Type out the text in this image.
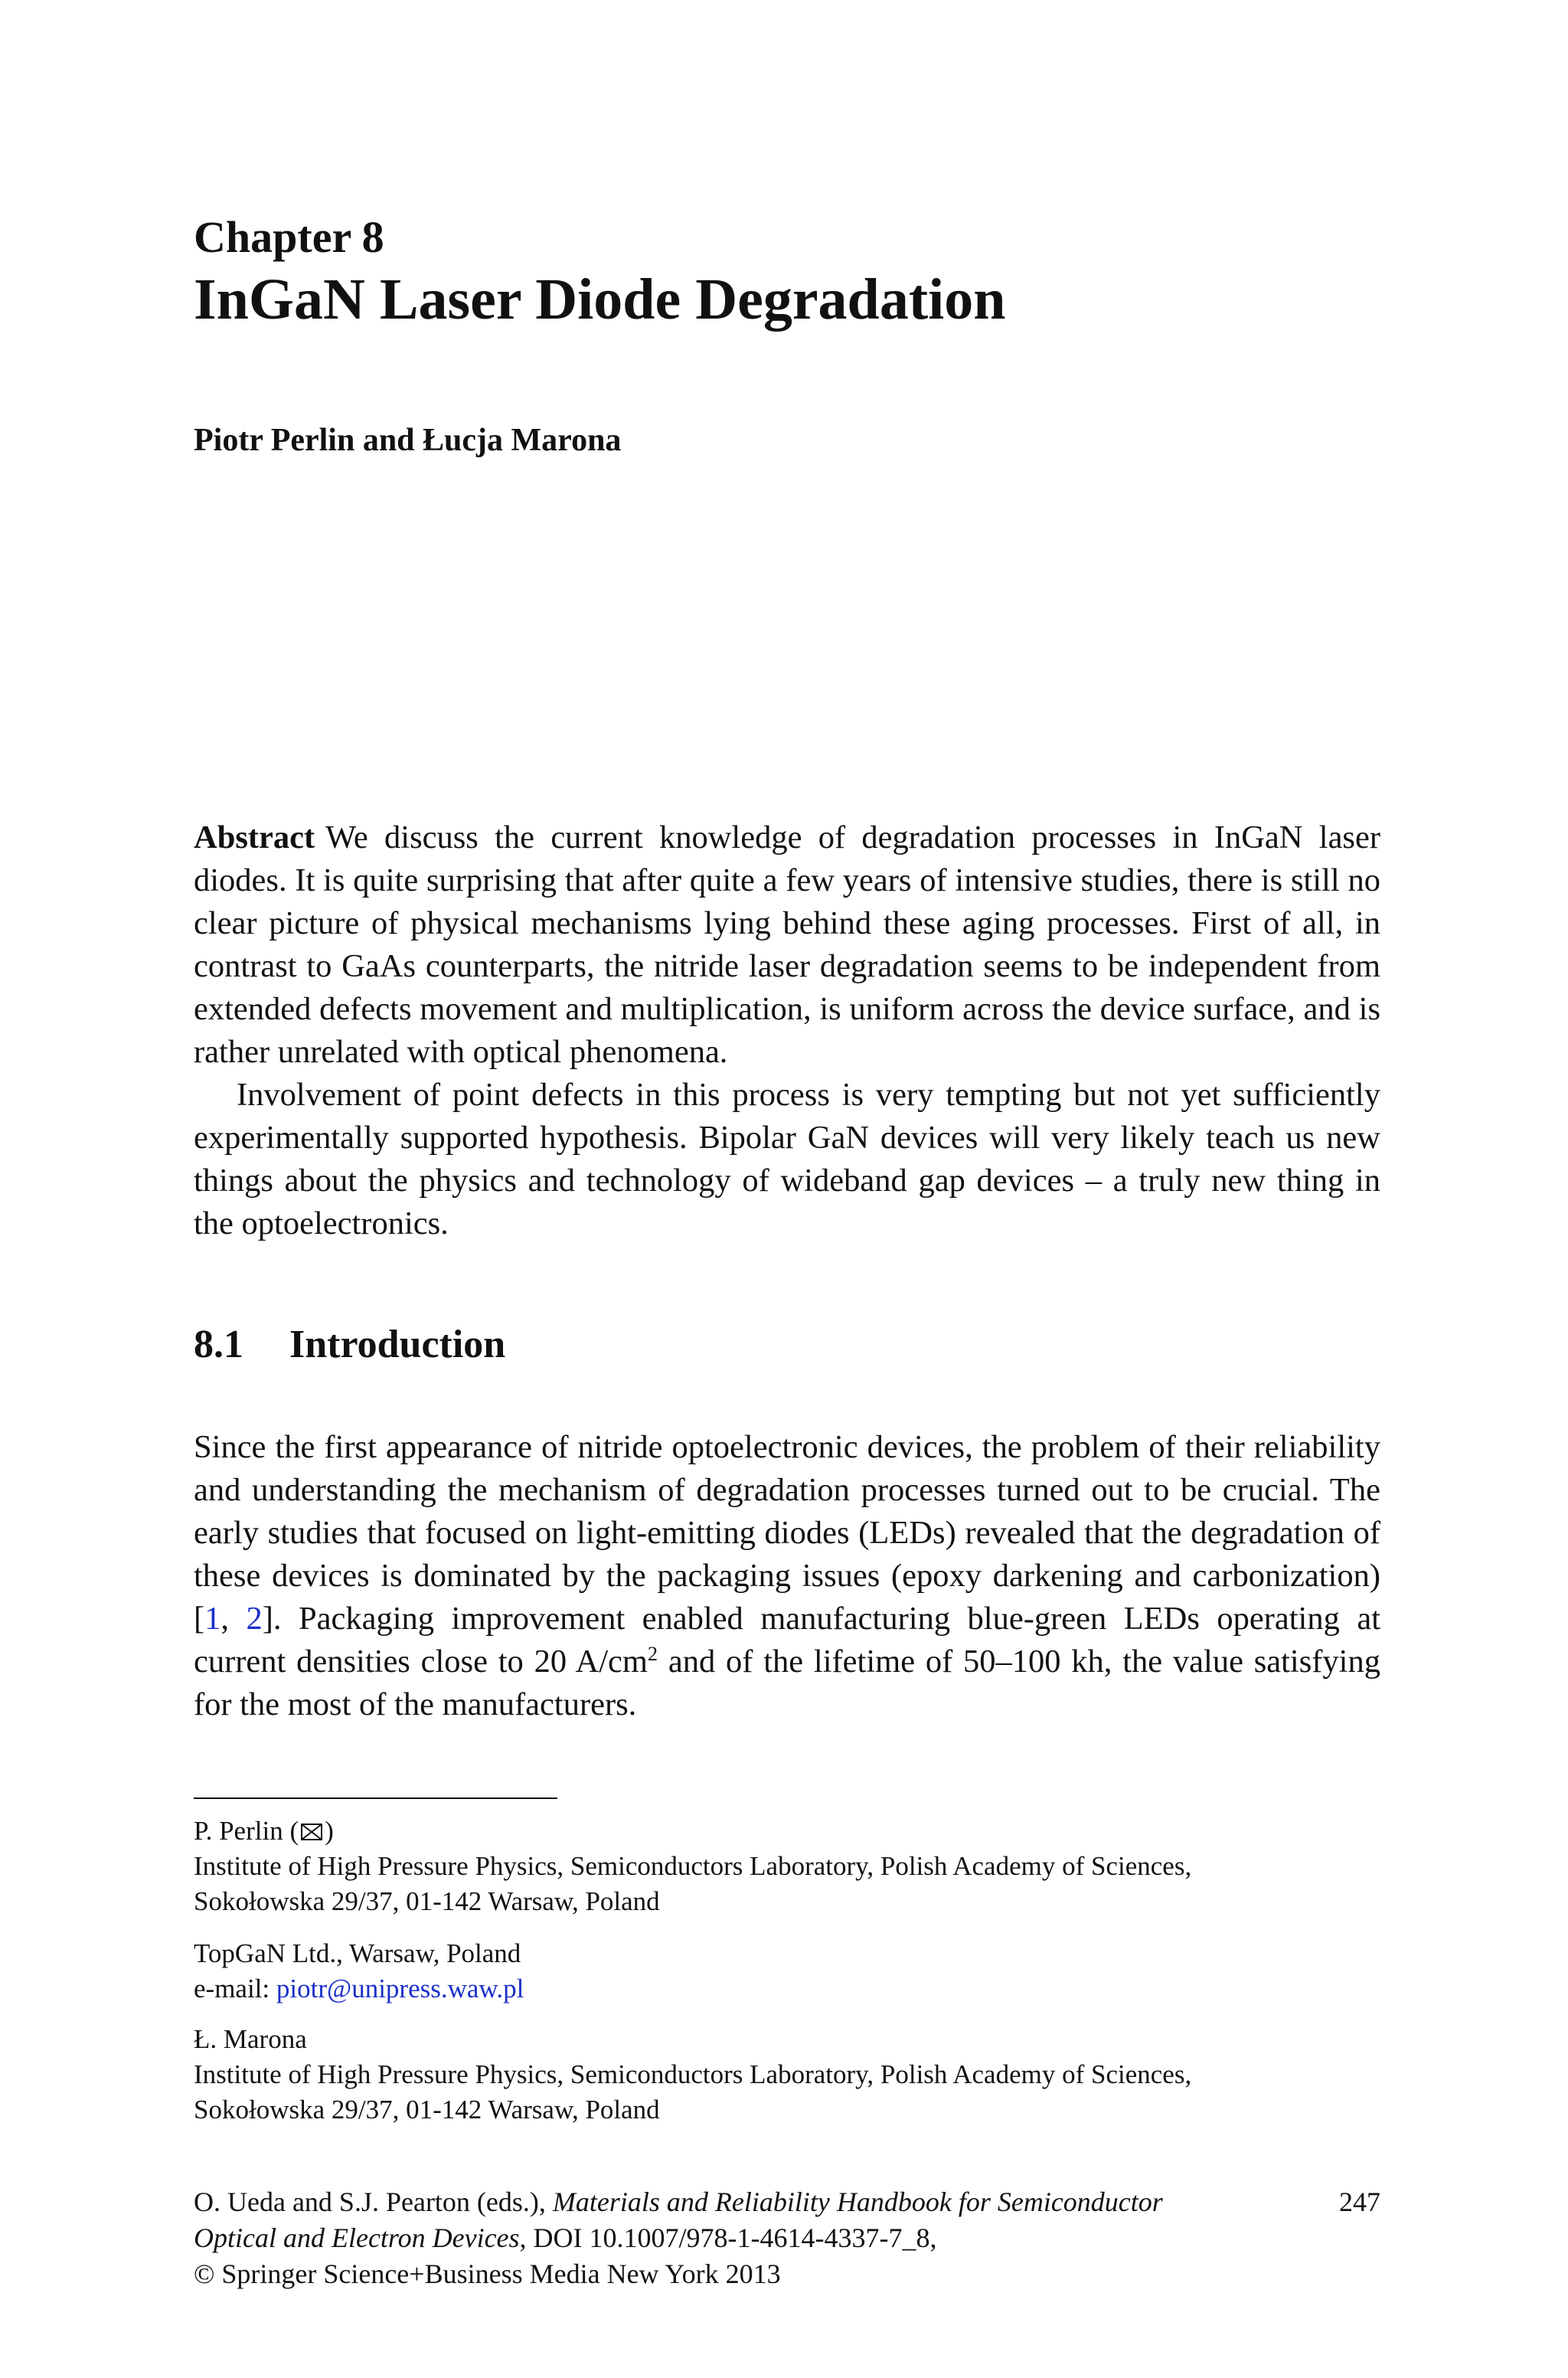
Chapter 8
InGaN Laser Diode Degradation
Piotr Perlin and Łucja Marona

Abstract We discuss the current knowledge of degradation processes in InGaN laser diodes. It is quite surprising that after quite a few years of intensive studies, there is still no clear picture of physical mechanisms lying behind these aging processes. First of all, in contrast to GaAs counterparts, the nitride laser degradation seems to be independent from extended defects movement and multiplication, is uniform across the device surface, and is rather unrelated with optical phenomena.

Involvement of point defects in this process is very tempting but not yet sufficiently experimentally supported hypothesis. Bipolar GaN devices will very likely teach us new things about the physics and technology of wideband gap devices – a truly new thing in the optoelectronics.

8.1 Introduction

Since the first appearance of nitride optoelectronic devices, the problem of their reliability and understanding the mechanism of degradation processes turned out to be crucial. The early studies that focused on light-emitting diodes (LEDs) revealed that the degradation of these devices is dominated by the packaging issues (epoxy darkening and carbonization) [1, 2]. Packaging improvement enabled manufacturing blue-green LEDs operating at current densities close to 20 $A/cm^2$ and of the lifetime of 50–100 kh, the value satisfying for the most of the manufacturers.

P. Perlin ( )

Institute of High Pressure Physics, Semiconductors Laboratory, Polish Academy of Sciences,

Sokołowska 29/37, 01-142 Warsaw, Poland

TopGaN Ltd., Warsaw, Poland

e-mail: piotr@unipress.waw.pl

Ł. Marona

Institute of High Pressure Physics, Semiconductors Laboratory, Polish Academy of Sciences,

Sokołowska 29/37, 01-142 Warsaw, Poland

O. Ueda and S.J. Pearton (eds.), Materials and Reliability Handbook for Semiconductor

Optical and Electron Devices, DOI 10.1007/978-1-4614-4337-7_8,

© Springer Science+Business Media New York 2013

247
